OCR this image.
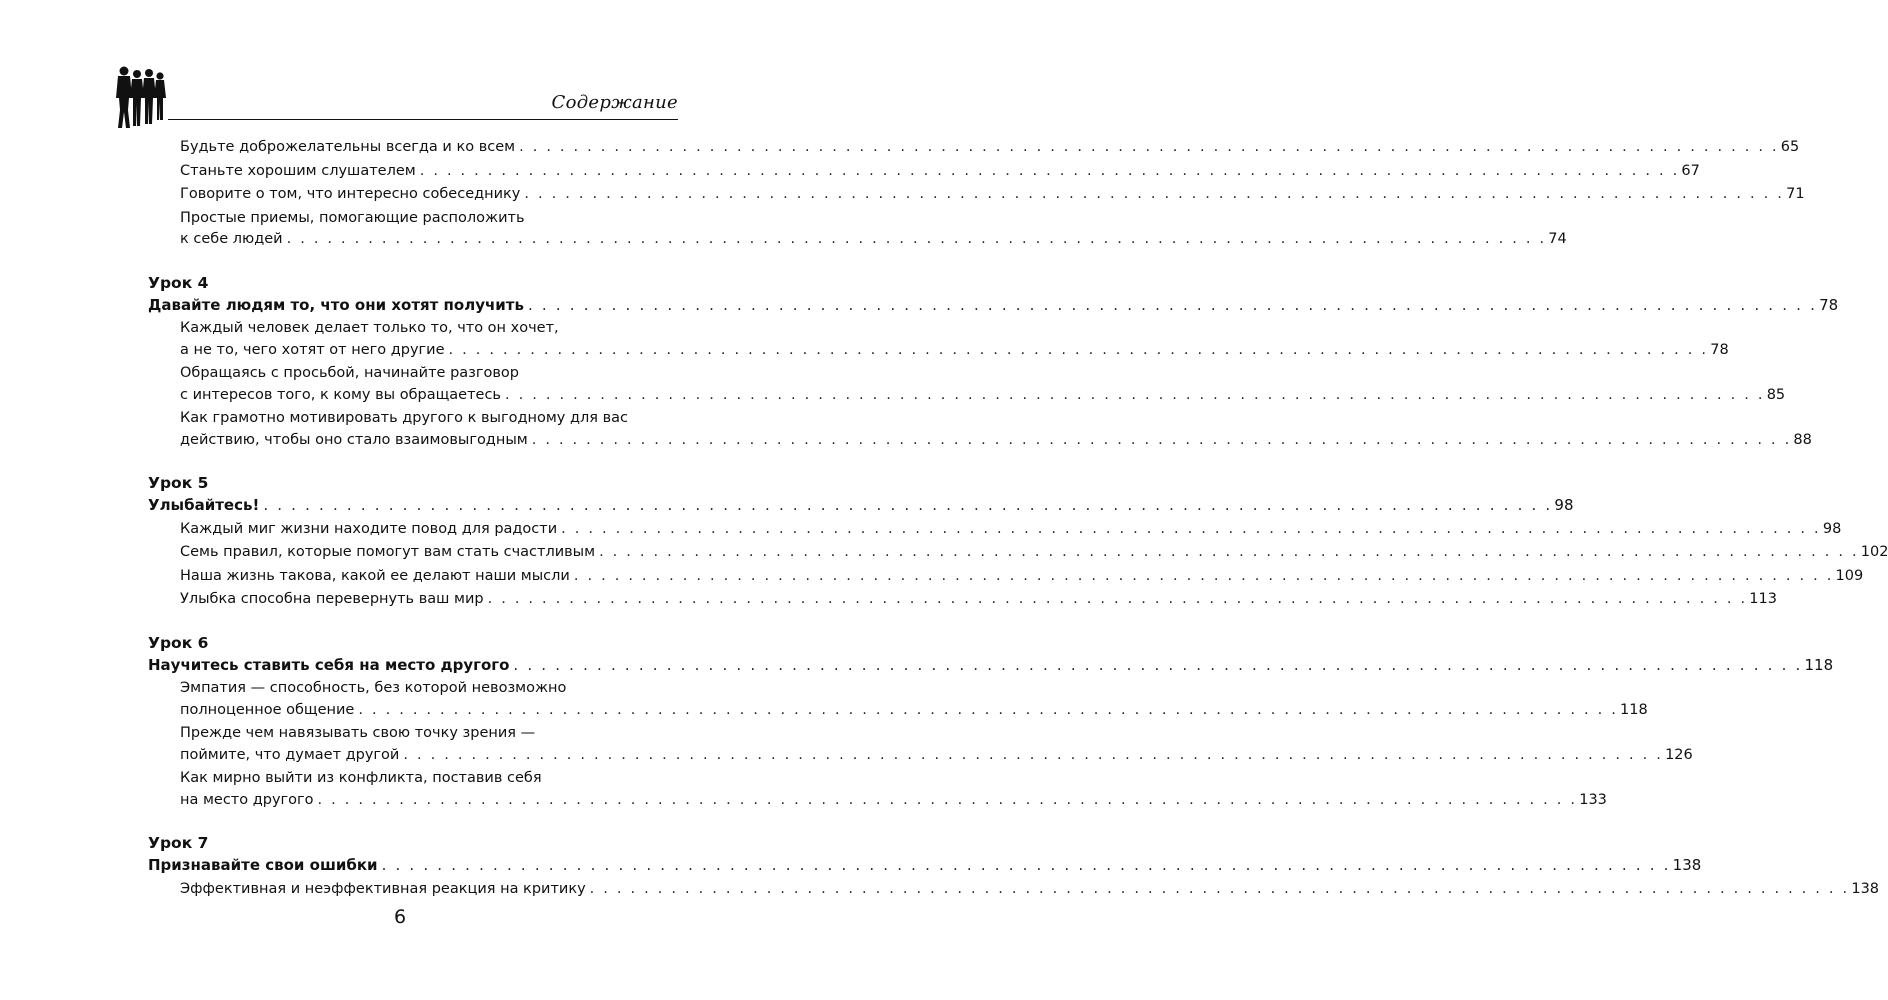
Содержание
Будьте доброжелательны всегда и ко всем . . . . . . . . . . . . . . . . . . . . . . . . . . . . . . . . . . . . . . . . . . . . . . . . . . . . . . . . . . . . . . . . . . . . . . . . . . . . . . . . . . . . . . . . . . . . . 65
Станьте хорошим слушателем . . . . . . . . . . . . . . . . . . . . . . . . . . . . . . . . . . . . . . . . . . . . . . . . . . . . . . . . . . . . . . . . . . . . . . . . . . . . . . . . . . . . . . . . . . . . . 67
Говорите о том, что интересно собеседнику . . . . . . . . . . . . . . . . . . . . . . . . . . . . . . . . . . . . . . . . . . . . . . . . . . . . . . . . . . . . . . . . . . . . . . . . . . . . . . . . . . . . . . . . . . . . . 71
Простые приемы, помогающие расположить
к себе людей . . . . . . . . . . . . . . . . . . . . . . . . . . . . . . . . . . . . . . . . . . . . . . . . . . . . . . . . . . . . . . . . . . . . . . . . . . . . . . . . . . . . . . . . . . . . . 74
Урок 4
Давайте людям то, что они хотят получить . . . . . . . . . . . . . . . . . . . . . . . . . . . . . . . . . . . . . . . . . . . . . . . . . . . . . . . . . . . . . . . . . . . . . . . . . . . . . . . . . . . . . . . . . . . . . 78
Каждый человек делает только то, что он хочет,
а не то, чего хотят от него другие . . . . . . . . . . . . . . . . . . . . . . . . . . . . . . . . . . . . . . . . . . . . . . . . . . . . . . . . . . . . . . . . . . . . . . . . . . . . . . . . . . . . . . . . . . . . . 78
Обращаясь с просьбой, начинайте разговор
с интересов того, к кому вы обращаетесь . . . . . . . . . . . . . . . . . . . . . . . . . . . . . . . . . . . . . . . . . . . . . . . . . . . . . . . . . . . . . . . . . . . . . . . . . . . . . . . . . . . . . . . . . . . . . 85
Как грамотно мотивировать другого к выгодному для вас
действию, чтобы оно стало взаимовыгодным . . . . . . . . . . . . . . . . . . . . . . . . . . . . . . . . . . . . . . . . . . . . . . . . . . . . . . . . . . . . . . . . . . . . . . . . . . . . . . . . . . . . . . . . . . . . . 88
Урок 5
Улыбайтесь! . . . . . . . . . . . . . . . . . . . . . . . . . . . . . . . . . . . . . . . . . . . . . . . . . . . . . . . . . . . . . . . . . . . . . . . . . . . . . . . . . . . . . . . . . . . . . 98
Каждый миг жизни находите повод для радости . . . . . . . . . . . . . . . . . . . . . . . . . . . . . . . . . . . . . . . . . . . . . . . . . . . . . . . . . . . . . . . . . . . . . . . . . . . . . . . . . . . . . . . . . . . . . 98
Семь правил, которые помогут вам стать счастливым . . . . . . . . . . . . . . . . . . . . . . . . . . . . . . . . . . . . . . . . . . . . . . . . . . . . . . . . . . . . . . . . . . . . . . . . . . . . . . . . . . . . . . . . . . . . . 102
Наша жизнь такова, какой ее делают наши мысли . . . . . . . . . . . . . . . . . . . . . . . . . . . . . . . . . . . . . . . . . . . . . . . . . . . . . . . . . . . . . . . . . . . . . . . . . . . . . . . . . . . . . . . . . . . . . 109
Улыбка способна перевернуть ваш мир . . . . . . . . . . . . . . . . . . . . . . . . . . . . . . . . . . . . . . . . . . . . . . . . . . . . . . . . . . . . . . . . . . . . . . . . . . . . . . . . . . . . . . . . . . . . . 113
Урок 6
Научитесь ставить себя на место другого . . . . . . . . . . . . . . . . . . . . . . . . . . . . . . . . . . . . . . . . . . . . . . . . . . . . . . . . . . . . . . . . . . . . . . . . . . . . . . . . . . . . . . . . . . . . . 118
Эмпатия — способность, без которой невозможно
полноценное общение . . . . . . . . . . . . . . . . . . . . . . . . . . . . . . . . . . . . . . . . . . . . . . . . . . . . . . . . . . . . . . . . . . . . . . . . . . . . . . . . . . . . . . . . . . . . . 118
Прежде чем навязывать свою точку зрения —
поймите, что думает другой . . . . . . . . . . . . . . . . . . . . . . . . . . . . . . . . . . . . . . . . . . . . . . . . . . . . . . . . . . . . . . . . . . . . . . . . . . . . . . . . . . . . . . . . . . . . . 126
Как мирно выйти из конфликта, поставив себя
на место другого . . . . . . . . . . . . . . . . . . . . . . . . . . . . . . . . . . . . . . . . . . . . . . . . . . . . . . . . . . . . . . . . . . . . . . . . . . . . . . . . . . . . . . . . . . . . . 133
Урок 7
Признавайте свои ошибки . . . . . . . . . . . . . . . . . . . . . . . . . . . . . . . . . . . . . . . . . . . . . . . . . . . . . . . . . . . . . . . . . . . . . . . . . . . . . . . . . . . . . . . . . . . . . 138
Эффективная и неэффективная реакция на критику . . . . . . . . . . . . . . . . . . . . . . . . . . . . . . . . . . . . . . . . . . . . . . . . . . . . . . . . . . . . . . . . . . . . . . . . . . . . . . . . . . . . . . . . . . . . . 138
6
